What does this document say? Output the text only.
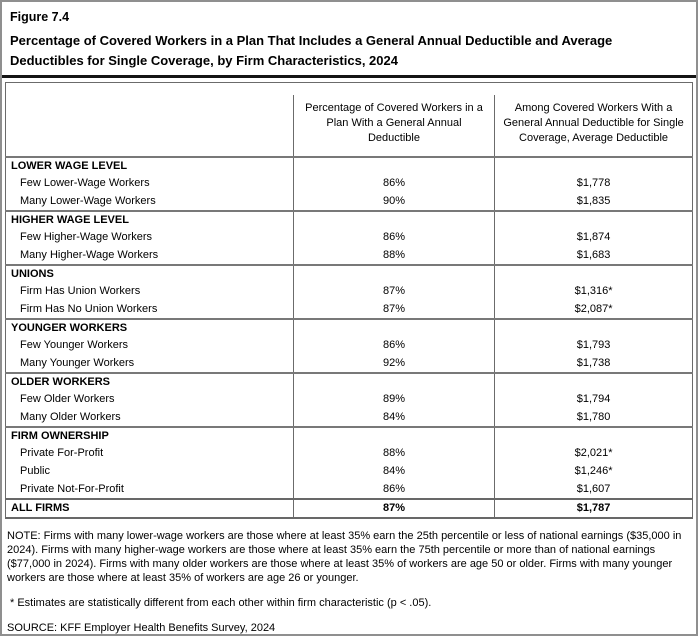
Figure 7.4

Percentage of Covered Workers in a Plan That Includes a General Annual Deductible and Average Deductibles for Single Coverage, by Firm Characteristics, 2024

	Percentage of Covered Workers in a Plan With a General Annual Deductible	Among Covered Workers With a General Annual Deductible for Single Coverage, Average Deductible
LOWER WAGE LEVEL		
Few Lower-Wage Workers	86%	$1,778
Many Lower-Wage Workers	90%	$1,835
HIGHER WAGE LEVEL		
Few Higher-Wage Workers	86%	$1,874
Many Higher-Wage Workers	88%	$1,683
UNIONS		
Firm Has Union Workers	87%	$1,316*
Firm Has No Union Workers	87%	$2,087*
YOUNGER WORKERS		
Few Younger Workers	86%	$1,793
Many Younger Workers	92%	$1,738
OLDER WORKERS		
Few Older Workers	89%	$1,794
Many Older Workers	84%	$1,780
FIRM OWNERSHIP		
Private For-Profit	88%	$2,021*
Public	84%	$1,246*
Private Not-For-Profit	86%	$1,607
ALL FIRMS	87%	$1,787

NOTE: Firms with many lower-wage workers are those where at least 35% earn the 25th percentile or less of national earnings ($35,000 in 2024). Firms with many higher-wage workers are those where at least 35% earn the 75th percentile or more than of national earnings ($77,000 in 2024). Firms with many older workers are those where at least 35% of workers are age 50 or older. Firms with many younger workers are those where at least 35% of workers are age 26 or younger.

* Estimates are statistically different from each other within firm characteristic (p < .05).

SOURCE: KFF Employer Health Benefits Survey, 2024
